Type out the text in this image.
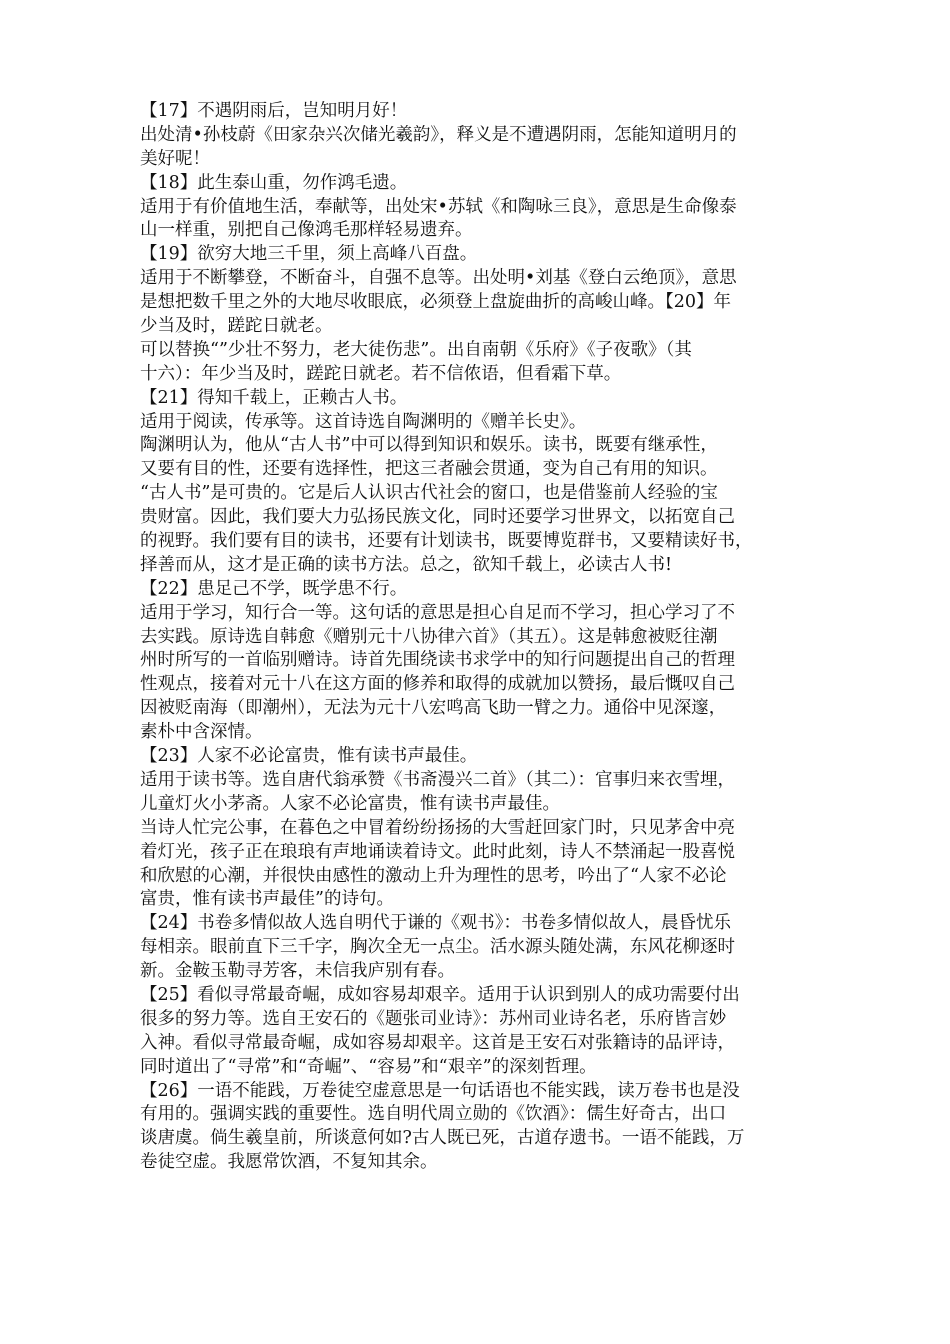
【17】不遇阴雨后，岂知明月好！
出处清•孙枝蔚《田家杂兴次储光羲韵》，释义是不遭遇阴雨，怎能知道明月的
美好呢！
【18】此生泰山重，勿作鸿毛遗。
适用于有价值地生活，奉献等，出处宋•苏轼《和陶咏三良》，意思是生命像泰
山一样重，别把自己像鸿毛那样轻易遗弃。
【19】欲穷大地三千里，须上高峰八百盘。
适用于不断攀登，不断奋斗，自强不息等。出处明•刘基《登白云绝顶》，意思
是想把数千里之外的大地尽收眼底，必须登上盘旋曲折的高峻山峰。【20】年
少当及时，蹉跎日就老。
可以替换“”少壮不努力，老大徒伤悲”。出自南朝《乐府》《子夜歌》（其
十六）：年少当及时，蹉跎日就老。若不信侬语，但看霜下草。
【21】得知千载上，正赖古人书。
适用于阅读，传承等。这首诗选自陶渊明的《赠羊长史》。
陶渊明认为，他从“古人书”中可以得到知识和娱乐。读书，既要有继承性，
又要有目的性，还要有选择性，把这三者融会贯通，变为自己有用的知识。
“古人书”是可贵的。它是后人认识古代社会的窗口，也是借鉴前人经验的宝
贵财富。因此，我们要大力弘扬民族文化，同时还要学习世界文，以拓宽自己
的视野。我们要有目的读书，还要有计划读书，既要博览群书，又要精读好书，
择善而从，这才是正确的读书方法。总之，欲知千载上，必读古人书!
【22】患足己不学，既学患不行。
适用于学习，知行合一等。这句话的意思是担心自足而不学习，担心学习了不
去实践。原诗选自韩愈《赠别元十八协律六首》（其五）。这是韩愈被贬往潮
州时所写的一首临别赠诗。诗首先围绕读书求学中的知行问题提出自己的哲理
性观点，接着对元十八在这方面的修养和取得的成就加以赞扬，最后慨叹自己
因被贬南海（即潮州），无法为元十八宏鸣高飞助一臂之力。通俗中见深邃，
素朴中含深情。
【23】人家不必论富贵，惟有读书声最佳。
适用于读书等。选自唐代翁承赞《书斋漫兴二首》（其二）：官事归来衣雪埋，
儿童灯火小茅斋。人家不必论富贵，惟有读书声最佳。
当诗人忙完公事，在暮色之中冒着纷纷扬扬的大雪赶回家门时，只见茅舍中亮
着灯光，孩子正在琅琅有声地诵读着诗文。此时此刻，诗人不禁涌起一股喜悦
和欣慰的心潮，并很快由感性的激动上升为理性的思考，吟出了“人家不必论
富贵，惟有读书声最佳”的诗句。
【24】书卷多情似故人选自明代于谦的《观书》：书卷多情似故人，晨昏忧乐
每相亲。眼前直下三千字，胸次全无一点尘。活水源头随处满，东风花柳逐时
新。金鞍玉勒寻芳客，未信我庐别有春。
【25】看似寻常最奇崛，成如容易却艰辛。适用于认识到别人的成功需要付出
很多的努力等。选自王安石的《题张司业诗》：苏州司业诗名老，乐府皆言妙
入神。看似寻常最奇崛，成如容易却艰辛。这首是王安石对张籍诗的品评诗，
同时道出了“寻常”和“奇崛”、“容易”和“艰辛”的深刻哲理。
【26】一语不能践，万卷徒空虚意思是一句话语也不能实践，读万卷书也是没
有用的。强调实践的重要性。选自明代周立勋的《饮酒》：儒生好奇古，出口
谈唐虞。倘生羲皇前，所谈意何如?古人既已死，古道存遗书。一语不能践，万
卷徒空虚。我愿常饮酒，不复知其余。
